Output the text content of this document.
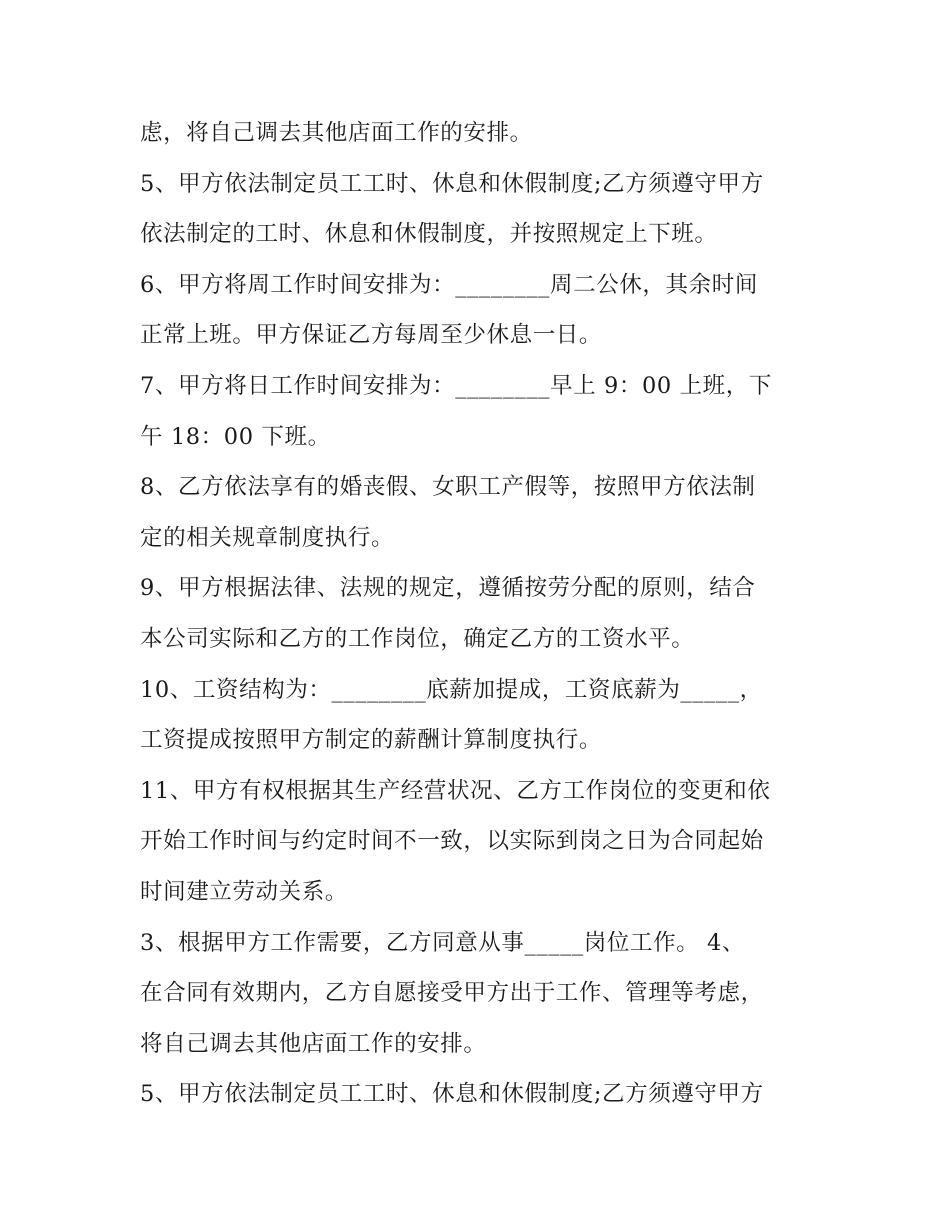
虑，将自己调去其他店面工作的安排。
5、甲方依法制定员工工时、休息和休假制度;乙方须遵守甲方
依法制定的工时、休息和休假制度，并按照规定上下班。
6、甲方将周工作时间安排为：________周二公休，其余时间
正常上班。甲方保证乙方每周至少休息一日。
7、甲方将日工作时间安排为：________早上 9：00 上班，下
午 18：00 下班。
8、乙方依法享有的婚丧假、女职工产假等，按照甲方依法制
定的相关规章制度执行。
9、甲方根据法律、法规的规定，遵循按劳分配的原则，结合
本公司实际和乙方的工作岗位，确定乙方的工资水平。
10、工资结构为：________底薪加提成，工资底薪为_____，
工资提成按照甲方制定的薪酬计算制度执行。
11、甲方有权根据其生产经营状况、乙方工作岗位的变更和依
开始工作时间与约定时间不一致，以实际到岗之日为合同起始
时间建立劳动关系。
3、根据甲方工作需要，乙方同意从事_____岗位工作。 4、
在合同有效期内，乙方自愿接受甲方出于工作、管理等考虑，
将自己调去其他店面工作的安排。
5、甲方依法制定员工工时、休息和休假制度;乙方须遵守甲方
